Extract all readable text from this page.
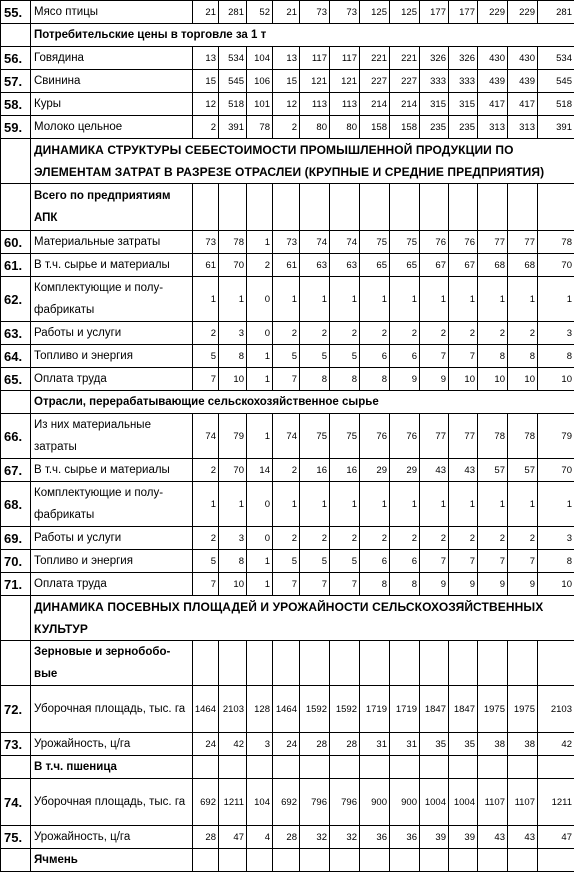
55.	Мясо птицы	21	281	52	21	73	73	125	125	177	177	229	229	281
	Потребительские цены в торговле за 1 т													
56.	Говядина	13	534	104	13	117	117	221	221	326	326	430	430	534
57.	Свинина	15	545	106	15	121	121	227	227	333	333	439	439	545
58.	Куры	12	518	101	12	113	113	214	214	315	315	417	417	518
59.	Молоко цельное	2	391	78	2	80	80	158	158	235	235	313	313	391
	ДИНАМИКА СТРУКТУРЫ СЕБЕСТОИМОСТИ ПРОМЫШЛЕННОЙ ПРОДУКЦИИ ПО ЭЛЕМЕНТАМ ЗАТРАТ В РАЗРЕЗЕ ОТРАСЛЕИ (КРУПНЫЕ И СРЕДНИЕ ПРЕДПРИЯТИЯ)													
	Всего по предприятиям АПК													
60.	Материальные затраты	73	78	1	73	74	74	75	75	76	76	77	77	78
61.	В т.ч. сырье и материалы	61	70	2	61	63	63	65	65	67	67	68	68	70
62.	Комплектующие и полу-фабрикаты	1	1	0	1	1	1	1	1	1	1	1	1	1
63.	Работы и услуги	2	3	0	2	2	2	2	2	2	2	2	2	3
64.	Топливо и энергия	5	8	1	5	5	5	6	6	7	7	8	8	8
65.	Оплата труда	7	10	1	7	8	8	8	9	9	10	10	10	10
	Отрасли, перерабатывающие сельскохозяйственное сырье													
66.	Из них материальные затраты	74	79	1	74	75	75	76	76	77	77	78	78	79
67.	В т.ч. сырье и материалы	2	70	14	2	16	16	29	29	43	43	57	57	70
68.	Комплектующие и полу-фабрикаты	1	1	0	1	1	1	1	1	1	1	1	1	1
69.	Работы и услуги	2	3	0	2	2	2	2	2	2	2	2	2	3
70.	Топливо и энергия	5	8	1	5	5	5	6	6	7	7	7	7	8
71.	Оплата труда	7	10	1	7	7	7	8	8	9	9	9	9	10
	ДИНАМИКА ПОСЕВНЫХ ПЛОЩАДЕЙ И УРОЖАЙНОСТИ СЕЛЬСКОХОЗЯЙСТВЕННЫХ КУЛЬТУР													
	Зерновые и зернобобо-вые													
72.	Уборочная площадь, тыс. га	1464	2103	128	1464	1592	1592	1719	1719	1847	1847	1975	1975	2103
73.	Урожайность, ц/га	24	42	3	24	28	28	31	31	35	35	38	38	42
	В т.ч. пшеница													
74.	Уборочная площадь, тыс. га	692	1211	104	692	796	796	900	900	1004	1004	1107	1107	1211
75.	Урожайность, ц/га	28	47	4	28	32	32	36	36	39	39	43	43	47
	Ячмень													
